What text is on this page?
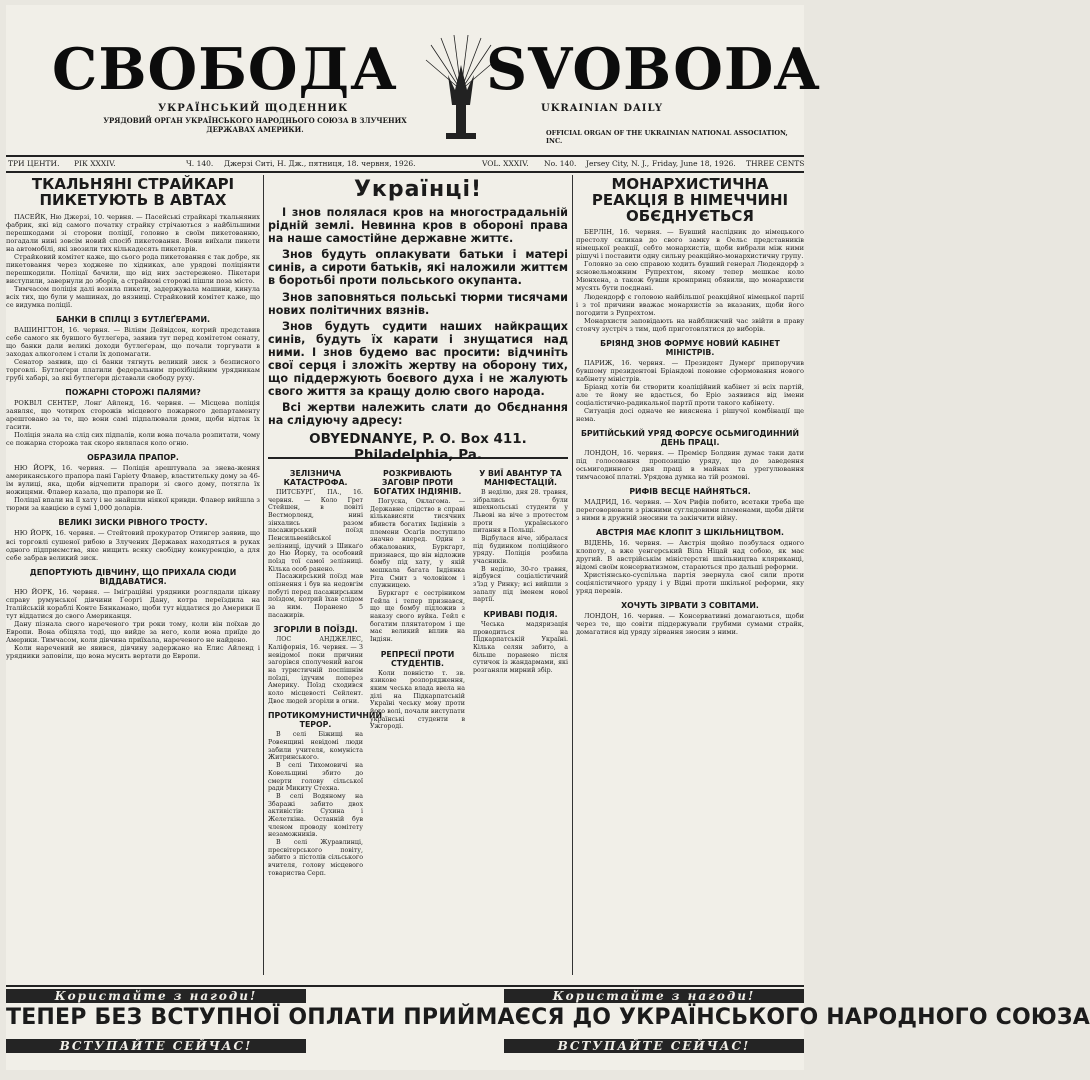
СВОБОДА SVOBODA
УКРАЇНСЬКИЙ ЩОДЕННИК	UKRAINIAN DAILY
УРЯДОВИЙ ОРГАН УКРАЇНСЬКОГО НАРОДНЬОГО СОЮЗА В ЗЛУЧЕНИХ ДЕРЖАВАХ АМЕРИКИ.	OFFICIAL ORGAN OF THE UKRAINIAN NATIONAL ASSOCIATION, INC.
ТРИ ЦЕНТИ. РІК XXXIV.	Ч. 140. Джерзі Ситі, Н. Дж., пятниця, 18. червня, 1926.	VOL. XXXIV. No. 140. Jersey City, N. J., Friday, June 18, 1926. THREE CENTS
ТКАЛЬНЯНІ СТРАЙКАРІ ПИКЕТУЮТЬ В АВТАХ

ПАСЕЙК, Ню Джерзі, 10. червня. — Пасейські страйкарі ткальняних фабрик, які від самого початку страйку стрічаються з найбільшими перешкодами зі сторони поліції, головно в своїм пикетованню, погадали нині зовсім новий спосіб пикетовання. Вони виїхали пикети на автомобілі, які звозили тих кількадесять пикетарів.

Страйковий комітет каже, що сього рода пикетовання є так добре, як пикетовання через ходжене по хідниках, але урядові поліціянти перешкодили. Поліцаї бачили, що від них застережено. Пікетари виступили, завернули до зборів, а страйкові сторожі пішли поза місто.

Тимчасом поліція далі возила пикети, задержувала машини, кинула всіх тих, що були у машинах, до вязниці. Страйковий комітет каже, що се видумка поліції.

БАНКИ В СПІЛЦІ З БУТЛЕҐЕРАМИ.

ВАШИНГТОН, 16. червня. — Віліям Дейвідсон, котрий представив себе самого як бувшого бутлеґера, заявив тут перед комітетом сенату, що банки дали великі доходи бутлеґерам, що почали торгувати в заходах алкоголем і стали їх допомагати.

Сенатор заявив, що сі банки тягнуть великий зиск з безписного торговлі. Бутлеґери платили федеральним прохібіційним урядникам грубі хабарі, за які бутлеґери діставали свободу руху.

ПОЖАРНІ СТОРОЖІ ПАЛЯМИ?

РОКВІЛ СЕНТЕР, Лонґ Айленд, 16. червня. — Місцева поліція заявляє, що чотирох сторожів місцевого пожарного департаменту арештовано за те, що вони самі підпалювали доми, щоби відтак їх гасити.

Поліція знала на слід сих підпалів, коли вона почала розпитати, чому се пожарна сторожа так скоро являлася коло огню.

ОБРАЗИЛА ПРАПОР.

НЮ ЙОРК, 16. червня. — Поліція арештувала за знева-ження американського прапора пані Гаріету Флавер, властительку дому за 46-ім вулиці, яка, щоби відчепити прапори зі свого дому, потягла їх ножицями. Флавер казала, що прапори не її.

Поліцаї впали на її хату і не знайшли ніякої кривди. Флавер вийшла з тюрми за кавцією в сумі 1,000 доларів.

ВЕЛИКІ ЗИСКИ РІВНОГО ТРОСТУ.

НЮ ЙОРК, 16. червня. — Стейтовий прокуратор Отингер заявив, що всі торговлі сушеної рибою в Злучених Державах находяться в руках одного підприємства, яке нищить всяку свобідну конкуренцію, а для себе забрав великий зиск.

ДЕПОРТУЮТЬ ДІВЧИНУ, ЩО ПРИХАЛА СЮДИ ВІДДАВАТИСЯ.

НЮ ЙОРК, 16. червня. — Іміґраційні урядники розглядали цікаву справу румунської дівчини Ґеоргі Дану, котра переїздила на Італійській кораблі Конте Бянкамано, щоби тут віддатися до Америки її тут віддатися до свого Американця.

Дану пізнала свого нареченого три роки тому, коли він поїхав до Европи. Вона обіцяла тоді, що вийде за него, коли вона приїде до Америки. Тимчасом, коли дівчина приїхала, нареченого не найдено.

Коли наречений не явився, дівчину задержано на Елис Айленд і урядники заповіли, що вона мусить вертати до Европи.

Українці!

І знов полялася кров на многострадальній рідній землі. Невинна кров в обороні права на наше самостійне державне життє.

Знов будуть оплакувати батьки і матері синів, а сироти батьків, які наложили життєм в боротьбі проти польського окупанта.

Знов заповняться польські тюрми тисячами нових політичних вязнів.

Знов будуть судити наших найкращих синів, будуть їх карати і знущатися над ними. І знов будемо вас просити: відчиніть свої серця і зложіть жертву на оборону тих, що піддержують боєвого духа і не жалують свого життя за кращу долю свого народа.

Всі жертви належить слати до Обєднання на слідуючу адресу:

OBYEDNANYE, P. O. Box 411. Philadelphia, Pa.
ЗЕЛІЗНИЧА КАТАСТРОФА.

ПИТСБУРҐ, ПА., 16. червня. — Коло Грет Стейшен, в повіті Вестморленд, нині зінхались разом пасажирський поїзд Пенсильвенійської зелізниці, ідучий з Шикаґо до Ню Йорку, та особовий поїзд тої самої зелізниці. Кілька особ ранено.

Пасажирський поїзд мав опізнення і був на недовгім побуті перед пасажирським поїздом, котрий їхав слідом за ним. Поранено 5 пасажирів.

ЗГОРІЛИ В ПОЇЗДІ.

ЛОС АНДЖЕЛЕС, Каліфорнія, 16. червня. — З невідомої поки причини загорівся сполучений вагон на туристичній поспішнім поїзді, ідучим поперез Америку. Поїзд сходився коло місцевості Сейлент. Двоє людей згоріли в огни.

ПРОТИКОМУНИСТИЧНИЙ ТЕРОР.

В селі Біжищі на Ровенщині невідомі люди забили учителя, комуніста Житринського.

В селі Тихомовичі на Ковельщині збито до смерти голову сільської ради Микиту Стехна.

В селі Водяному на Збаражі забито двох активістів: Сухина і Желеткіна. Останній був членом проводу комітету незаможників.

В селі Журавлинці, пресвітерського повіту, забито з пістолів сільського вчителя, голову місцевого товариства Серп.

РОЗКРИВАЮТЬ ЗАГОВІР ПРОТИ БОГАТИХ ІНДІЯНІВ.

Погуска, Оклагома. — Державне слідство в справі кількависяти тисячних вбивств богатих Індіянів з племени Осаґів поступило значно вперед. Один з обжалованих, Буркгарт, признався, що він відложив бомбу під хату, у якій мешкала багата Індіянка Ріта Смит з чоловіком і служницею.

Буркгарт є сестріником Гейла і тепер признався, що ще бомбу підложив з наказу свого вуйка. Гейл є богатим плянтатором і ще має великий вплив на Індіян.

РЕПРЕСІЇ ПРОТИ СТУДЕНТІВ.

Коли повністю т. зв. язикове розпорядження, яким чеська влада ввела на ділі на Підкарпатській Україні чеську мову проти його волі, почали виступати українські студенти в Ужгороді.

У ВИЇ АВАНТУР ТА МАНІФЕСТАЦІЙ.

В неділю, дня 28. травня, зібрались були вшехнольські студенти у Львові на віче з протестом проти українського питання в Польщі.

Відбулася віче, зібралася під будинком поліційного уряду. Поліція розбила учасників.

В неділю, 30-го травня, відбувся соціалістичний з'їзд у Ринку; всі вийшли з запалу під іменем нової партії.

КРИВАВІ ПОДІЯ.

Чеська мадяризація проводиться на Підкарпатській Україні. Кілька селян забито, а більше поранено після сутичок із жандармами, які розганяли мирний збір.

МОНАРХИСТИЧНА РЕАКЦІЯ В НІМЕЧЧИНІ ОБЄДНУЄТЬСЯ

БЕРЛІН, 16. червня. — Бувший наслідник до німецького престолу скликав до свого замку в Оельс представників німецької реакції, себто монархистів, щоби вибрали між ними рішучі і поставити одну сильну реакційно-монархистичну групу.

Головно за сею справою ходить бувший генерал Людендорф з ясновельможним Рупрехтом, якому тепер мешкає коло Мюнхена, а також бувши кронпринц обявили, що монархисти мусять бути поєднані.

Людендорф є головою найбільшої реакційної німецької партії і з тої причини вважає монархистів за вказаних, щоби його погодити з Рупрехтом.

Монархисти заповідають на найближчий час звійти в праву стоячу зустріч з тим, щоб приготовлятися до виборів.

БРІЯНД ЗНОВ ФОРМУЄ НОВИЙ КАБІНЕТ МІНІСТРІВ.

ПАРИЖ, 16. червня. — Президент Думерґ припоручив бувшому президентові Бріандові поновне сформовання нового кабінету міністрів.

Бріанд хотів би створити коаліційний кабінет зі всіх партій, але те йому не вдасться, бо Еріо заявився від імени соціалістично-радикальної партії проти такого кабінету.

Ситуація досі одначе не вияснена і рішучої комбінації ще нема.

БРИТІЙСЬКИЙ УРЯД ФОРСУЄ ОСЬМИГОДИННИЙ ДЕНЬ ПРАЦІ.

ЛОНДОН, 16. червня. — Премієр Болдвин думає таки дати під голосовання пропозицію уряду, що до заведення осьмигодинного дня праці в майнах та урегулювання тимчасової платні. Урядова думка на тій розмові.

РИФІВ ВЕСЦЕ НАЙНЯТЬСЯ.

МАДРИД, 16. червня. — Хоч Рифів побито, всетаки треба ще переговорювати з ріжними суглядовими племенами, щоби дійти з ними в дружній зносини та закінчити війну.

АВСТРІЯ МАЄ КЛОПІТ З ШКІЛЬНИЦТВОМ.

ВІДЕНЬ, 16. червня. — Австрія щойно позбулася одного клопоту, а вже уенгерський Віла Ніцай над собою, як має другий. В австрійськім міністерстві шкільництва кляриканці, відомі своїм консерватизмом, стараються про дальші реформи.

Христіянсько-суспільна партія звернула свої сили проти соціялістичного уряду і у Відні проти шкільної реформи, яку уряд перевів.

ХОЧУТЬ ЗІРВАТИ З СОВІТАМИ.

ЛОНДОН, 16. червня. — Консервативні домагаються, щоби через те, що совіти піддержували грубими сумами страйк, домагатися від уряду зірвання зносин з ними.

Користайте з нагоди!	Користайте з нагоди!
ТЕПЕР БЕЗ ВСТУПНОЇ ОПЛАТИ ПРИЙМАЄСЯ ДО УКРАЇНСЬКОГО НАРОДНОГО СОЮЗА
ВСТУПАЙТЕ СЕЙЧАС!	ВСТУПАЙТЕ СЕЙЧАС!
